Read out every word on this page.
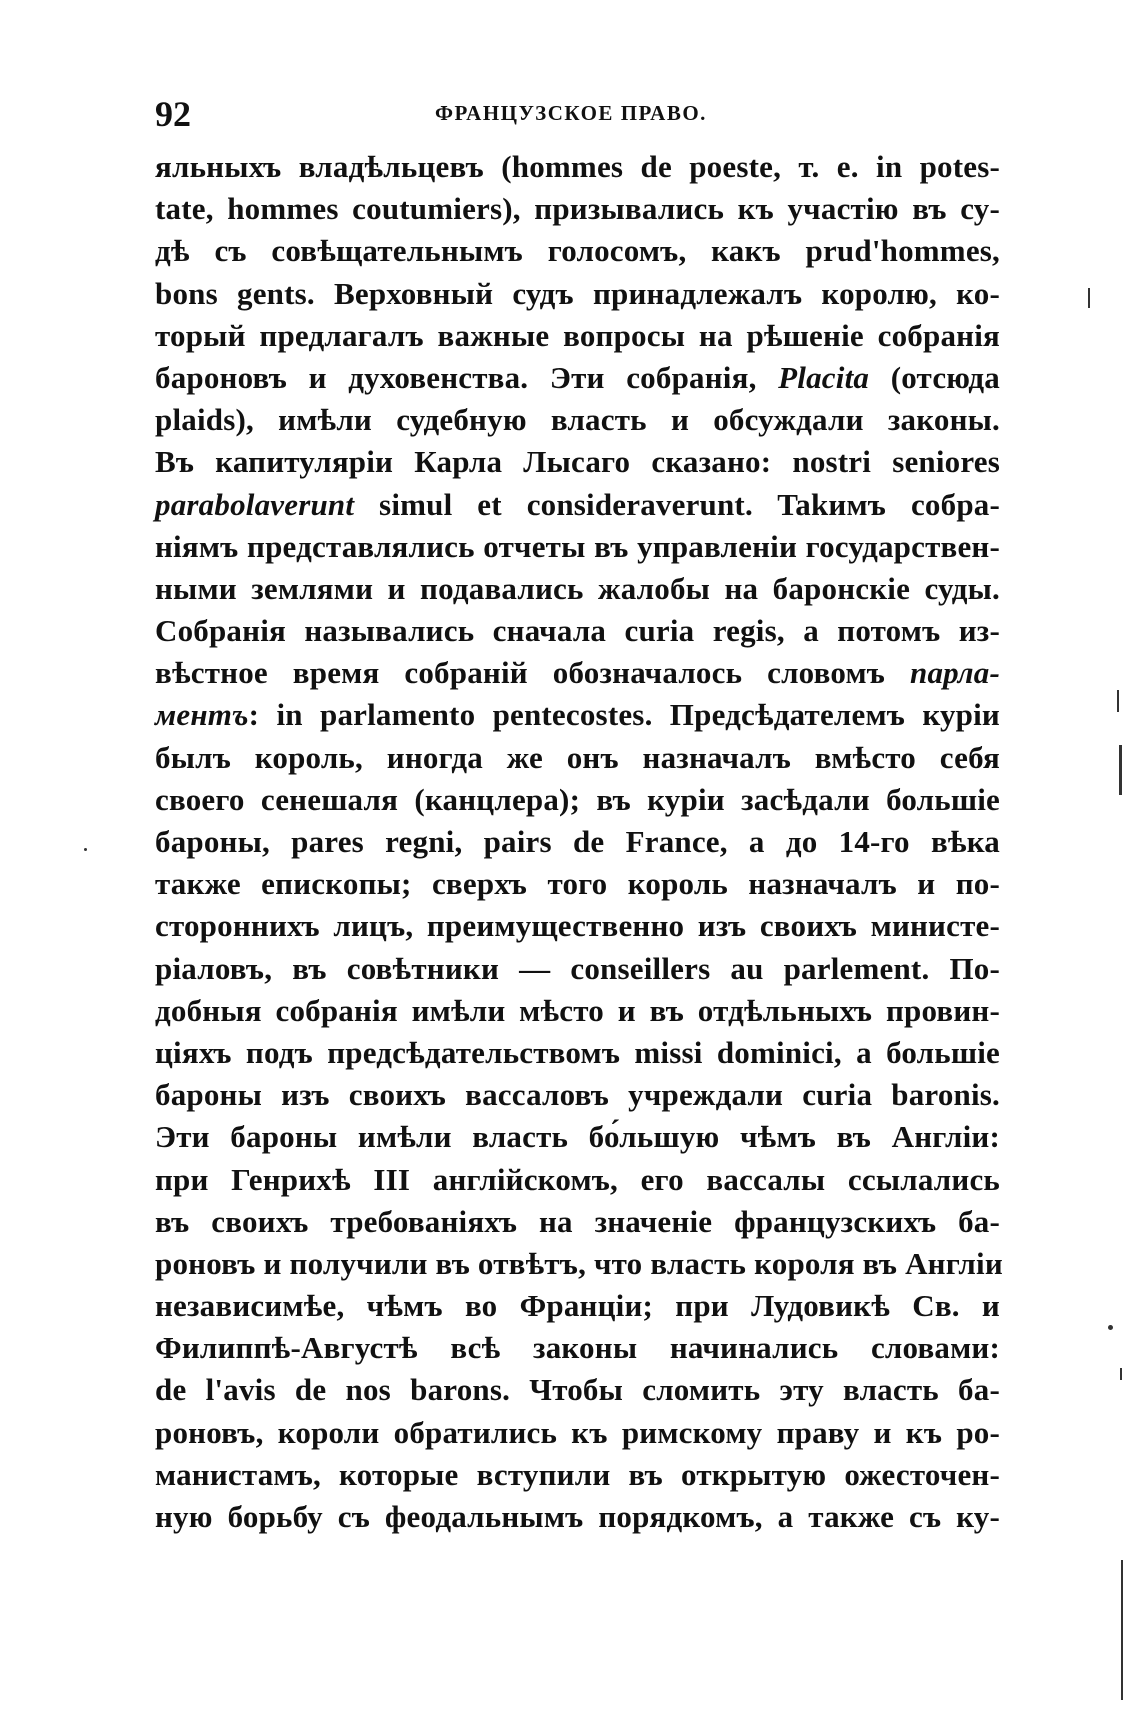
92	ФРАНЦУЗСКОЕ ПРАВО.
яльныхъ владѣльцевъ (hommes de poeste, т. е. in potes-
tate, hommes coutumiers), призывались къ участію въ су-
дѣ съ совѣщательнымъ голосомъ, какъ prud'hommes,
bons gents. Верховный судъ принадлежалъ королю, ко-
торый предлагалъ важные вопросы на рѣшеніе собранія
бароновъ и духовенства. Эти собранія, Placita (отсюда
plaids), имѣли судебную власть и обсуждали законы.
Въ капитуляріи Карла Лысаго сказано: nostri seniores
parabolaverunt simul et consideraverunt. Takимъ собра-
ніямъ представлялись отчеты въ управленіи государствен-
ными землями и подавались жалобы на баронскіе суды.
Собранія назывались сначала curia regis, а потомъ из-
вѣстное время собраній обозначалось словомъ парла-
ментъ: in parlamento pentecostes. Предсѣдателемъ куріи
былъ король, иногда же онъ назначалъ вмѣсто себя
своего сенешаля (канцлера); въ куріи засѣдали большіе
бароны, pares regni, pairs de France, а до 14-го вѣка
также епископы; сверхъ того король назначалъ и по-
стороннихъ лицъ, преимущественно изъ своихъ министе-
ріаловъ, въ совѣтники — conseillers au parlement. По-
добныя собранія имѣли мѣсто и въ отдѣльныхъ провин-
ціяхъ подъ предсѣдательствомъ missi dominici, а большіе
бароны изъ своихъ вассаловъ учреждали curia baronis.
Эти бароны имѣли власть бо́льшую чѣмъ въ Англіи:
при Генрихѣ III англійскомъ, его вассалы ссылались
въ своихъ требованіяхъ на значеніе французскихъ ба-
роновъ и получили въ отвѣтъ, что власть короля въ Англіи
независимѣе, чѣмъ во Франціи; при Лудовикѣ Св. и
Филиппѣ-Августѣ всѣ законы начинались словами:
de l'avis de nos barons. Чтобы сломить эту власть ба-
роновъ, короли обратились къ римскому праву и къ ро-
манистамъ, которые вступили въ открытую ожесточен-
ную борьбу съ феодальнымъ порядкомъ, а также съ ку-
